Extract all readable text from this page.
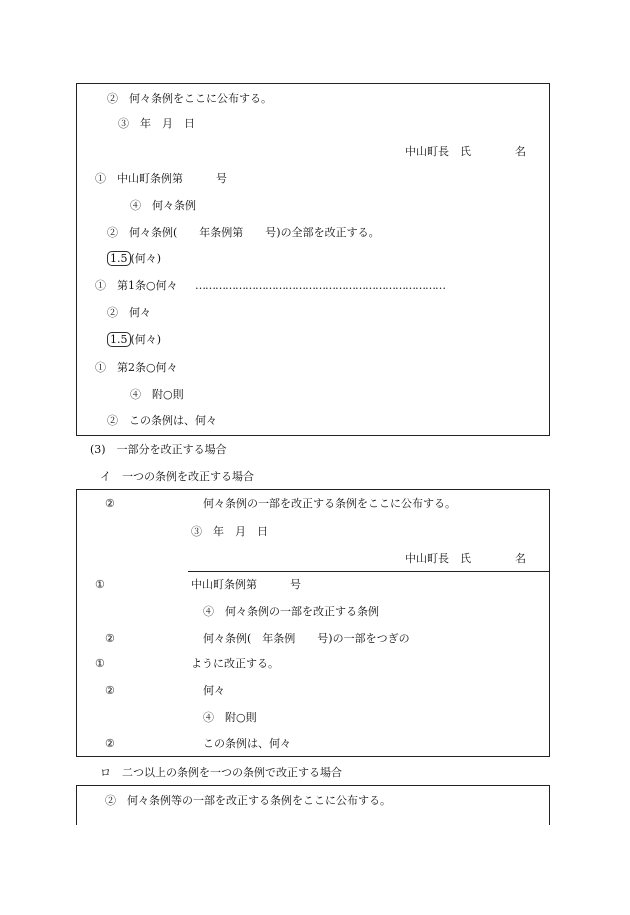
②　何々条例をここに公布する。
③　年　月　日
中山町長　氏　　　　名
①　中山町条例第　　　号
④　何々条例
②　何々条例(　　年条例第　　号)の全部を改正する。
1.5 (何々)
①　第1条○何々 …………………………………………………………………
②　何々
1.5 (何々)
①　第2条○何々
④　附○則
②　この条例は、何々
(3)　一部分を改正する場合
イ　一つの条例を改正する場合
②	何々条例の一部を改正する条例をここに公布する。
③　年　月　日
中山町長　氏　　　　名
①	中山町条例第　　　号
④　何々条例の一部を改正する条例
②	何々条例(　年条例　　号)の一部をつぎの
①	ように改正する。
②	何々
④　附○則
②	この条例は、何々
ロ　二つ以上の条例を一つの条例で改正する場合
②　何々条例等の一部を改正する条例をここに公布する。
